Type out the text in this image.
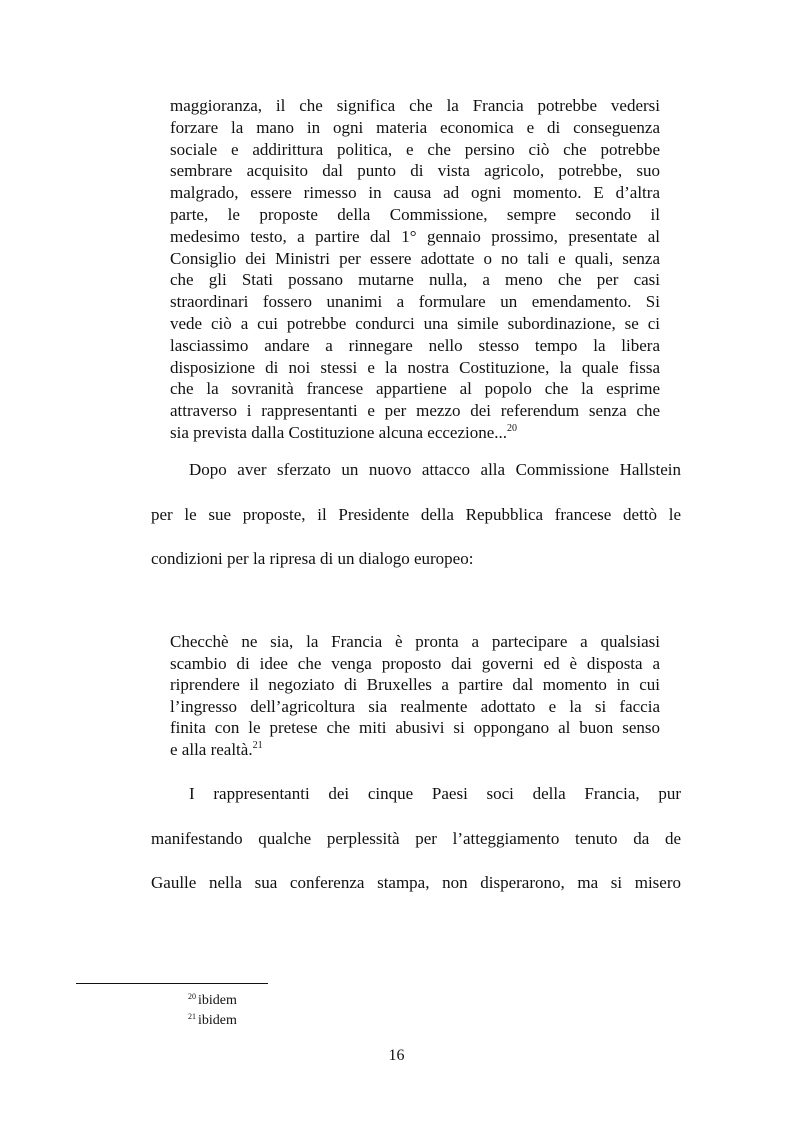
maggioranza, il che significa che la Francia potrebbe vedersi
forzare la mano in ogni materia economica e di conseguenza
sociale e addirittura politica, e che persino ciò che potrebbe
sembrare acquisito dal punto di vista agricolo, potrebbe, suo
malgrado, essere rimesso in causa ad ogni momento. E d’altra
parte, le proposte della Commissione, sempre secondo il
medesimo testo, a partire dal 1° gennaio prossimo, presentate al
Consiglio dei Ministri per essere adottate o no tali e quali, senza
che gli Stati possano mutarne nulla, a meno che per casi
straordinari fossero unanimi a formulare un emendamento. Si
vede ciò a cui potrebbe condurci una simile subordinazione, se ci
lasciassimo andare a rinnegare nello stesso tempo la libera
disposizione di noi stessi e la nostra Costituzione, la quale fissa
che la sovranità francese appartiene al popolo che la esprime
attraverso i rappresentanti e per mezzo dei referendum senza che
sia prevista dalla Costituzione alcuna eccezione...$^{20}$
Dopo aver sferzato un nuovo attacco alla Commissione Hallstein
per le sue proposte, il Presidente della Repubblica francese dettò le
condizioni per la ripresa di un dialogo europeo:
Checchè ne sia, la Francia è pronta a partecipare a qualsiasi
scambio di idee che venga proposto dai governi ed è disposta a
riprendere il negoziato di Bruxelles a partire dal momento in cui
l’ingresso dell’agricoltura sia realmente adottato e la si faccia
finita con le pretese che miti abusivi si oppongano al buon senso
e alla realtà.$^{21}$
I rappresentanti dei cinque Paesi soci della Francia, pur
manifestando qualche perplessità per l’atteggiamento tenuto da de
Gaulle nella sua conferenza stampa, non disperarono, ma si misero
$^{20}$ ibidem
$^{21}$ ibidem
16
